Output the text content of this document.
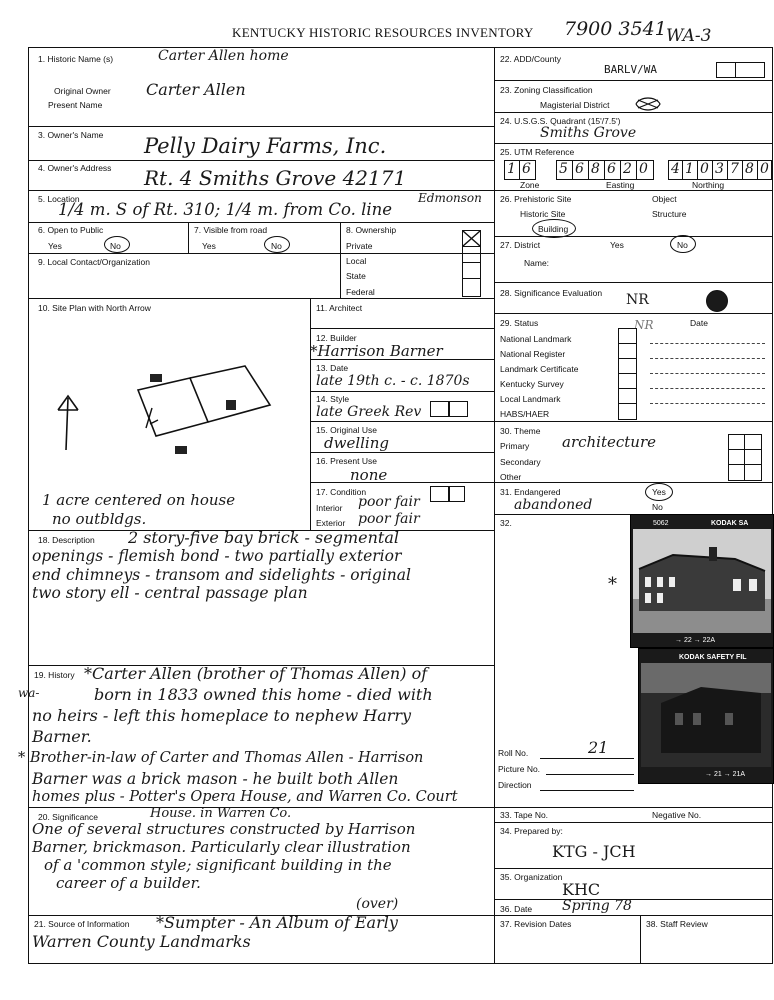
KENTUCKY HISTORIC RESOURCES INVENTORY 7900 3541 WA-3
1. Historic Name (s)	Carter Allen home
Original Owner Carter Allen
Present Name
3. Owner's Name Pelly Dairy Farms, Inc.
4. Owner's Address Rt. 4 Smiths Grove 42171
5. Location	Edmonson
1/4 m. S of Rt. 310; 1/4 m. from Co. line
6. Open to Public
Yes	No
7. Visible from road
Yes	No
8. Ownership
Private
Local
State
Federal
9. Local Contact/Organization
10. Site Plan with North Arrow
1 acre centered on house
no outbldgs.
11. Architect
12. Builder
*Harrison Barner
13. Date
late 19th c. - c. 1870s
14. Style
late Greek Rev
15. Original Use
dwelling
16. Present Use
none
17. Condition
Interior poor fair
Exterior poor fair
18. Description 2 story-five bay brick - segmental
openings - flemish bond - two partially exterior
end chimneys - transom and sidelights - original
two story ell - central passage plan
19. History
wa-
*Carter Allen (brother of Thomas Allen) of
born in 1833 owned this home - died with
no heirs - left this homeplace to nephew Harry
Barner.
* Brother-in-law of Carter and Thomas Allen - Harrison
Barner was a brick mason - he built both Allen
homes plus - Potter's Opera House, and Warren Co. Court
20. Significance	House. in Warren Co.
One of several structures constructed by Harrison
Barner, brickmason. Particularly clear illustration
of a 'common style; significant building in the
career of a builder.
(over)
21. Source of Information *Sumpter - An Album of Early
Warren County Landmarks
22. ADD/County
BARLV/WA
23. Zoning Classification
Magisterial District
24. U.S.G.S. Quadrant (15'/7.5')
Smiths Grove
25. UTM Reference
1 6 5 6 8 6 2 0 4 1 0 3 7 8 0
Zone	Easting	Northing
26. Prehistoric Site	Object
Historic Site	Structure
Building
27. District	Yes	No
Name:
28. Significance Evaluation NR
29. Status	Date
NR
National Landmark
National Register
Landmark Certificate
Kentucky Survey
Local Landmark
HABS/HAER
30. Theme
Primary architecture
Secondary
Other
31. Endangered	Yes
abandoned	No
32.
*
5062	KODAK SA
→ 22 → 22A
KODAK SAFETY FIL
→ 21 → 21A
Roll No.	21
Picture No.
Direction
33. Tape No.	Negative No.
34. Prepared by:
KTG - JCH
35. Organization
KHC
36. Date Spring 78
37. Revision Dates	38. Staff Review
